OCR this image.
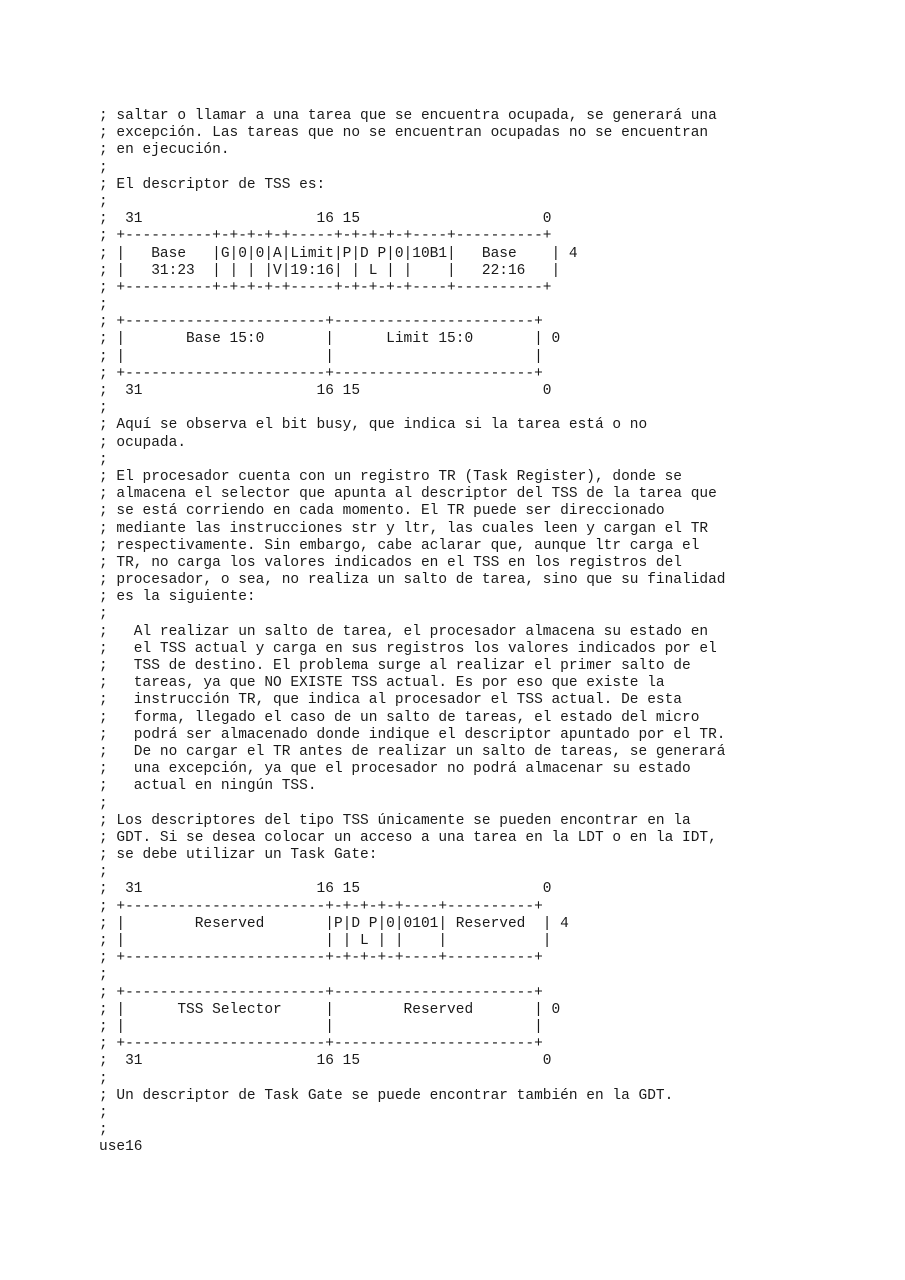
; saltar o llamar a una tarea que se encuentra ocupada, se generará una
; excepción. Las tareas que no se encuentran ocupadas no se encuentran
; en ejecución.
;
; El descriptor de TSS es:
;
;  31                    16 15                     0
; +----------+-+-+-+-+-----+-+-+-+-+----+----------+
; |   Base   |G|0|0|A|Limit|P|D P|0|10B1|   Base    | 4
; |   31:23  | | | |V|19:16| | L | |    |   22:16   |
; +----------+-+-+-+-+-----+-+-+-+-+----+----------+
;
; +-----------------------+-----------------------+
; |       Base 15:0       |      Limit 15:0       | 0
; |                       |                       |
; +-----------------------+-----------------------+
;  31                    16 15                     0
;
; Aquí se observa el bit busy, que indica si la tarea está o no
; ocupada.
;
; El procesador cuenta con un registro TR (Task Register), donde se
; almacena el selector que apunta al descriptor del TSS de la tarea que
; se está corriendo en cada momento. El TR puede ser direccionado
; mediante las instrucciones str y ltr, las cuales leen y cargan el TR
; respectivamente. Sin embargo, cabe aclarar que, aunque ltr carga el
; TR, no carga los valores indicados en el TSS en los registros del
; procesador, o sea, no realiza un salto de tarea, sino que su finalidad
; es la siguiente:
;
;   Al realizar un salto de tarea, el procesador almacena su estado en
;   el TSS actual y carga en sus registros los valores indicados por el
;   TSS de destino. El problema surge al realizar el primer salto de
;   tareas, ya que NO EXISTE TSS actual. Es por eso que existe la
;   instrucción TR, que indica al procesador el TSS actual. De esta
;   forma, llegado el caso de un salto de tareas, el estado del micro
;   podrá ser almacenado donde indique el descriptor apuntado por el TR.
;   De no cargar el TR antes de realizar un salto de tareas, se generará
;   una excepción, ya que el procesador no podrá almacenar su estado
;   actual en ningún TSS.
;
; Los descriptores del tipo TSS únicamente se pueden encontrar en la
; GDT. Si se desea colocar un acceso a una tarea en la LDT o en la IDT,
; se debe utilizar un Task Gate:
;
;  31                    16 15                     0
; +-----------------------+-+-+-+-+----+----------+
; |        Reserved       |P|D P|0|0101| Reserved  | 4
; |                       | | L | |    |           |
; +-----------------------+-+-+-+-+----+----------+
;
; +-----------------------+-----------------------+
; |      TSS Selector     |        Reserved       | 0
; |                       |                       |
; +-----------------------+-----------------------+
;  31                    16 15                     0
;
; Un descriptor de Task Gate se puede encontrar también en la GDT.
;
;
use16
